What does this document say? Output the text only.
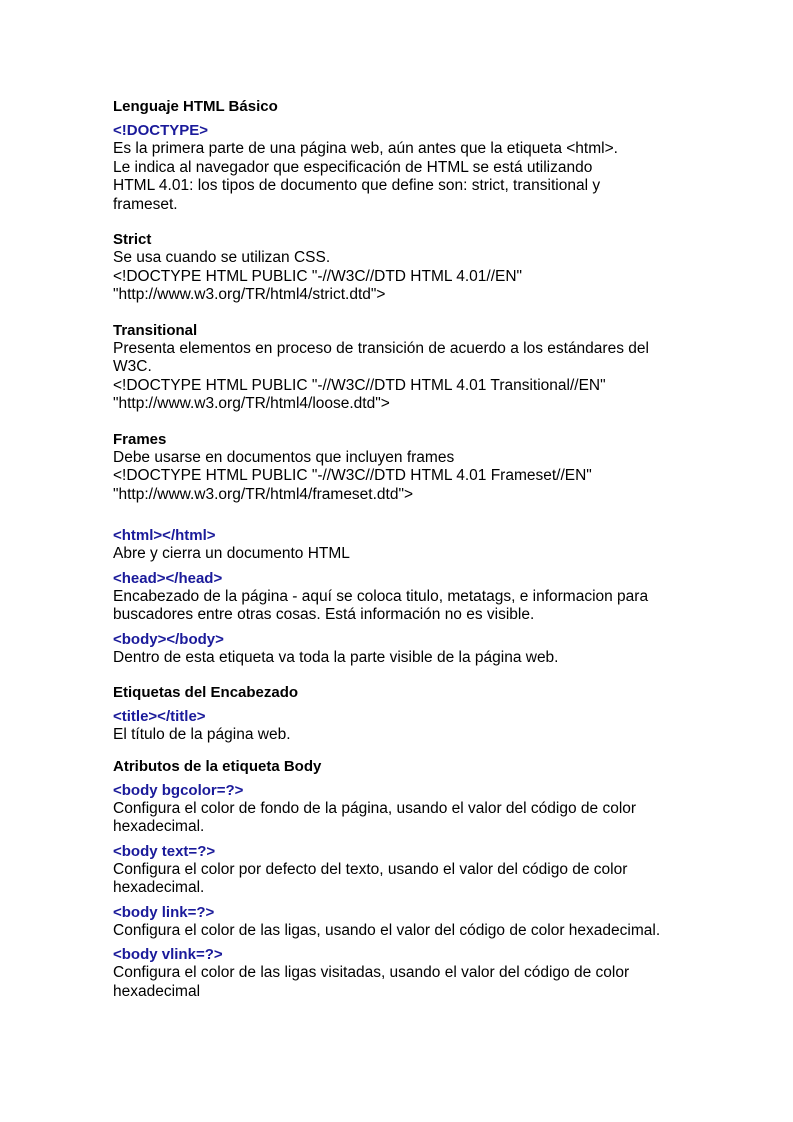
Lenguaje HTML Básico
<!DOCTYPE>
Es la primera parte de una página web, aún antes que la etiqueta <html>.
Le indica al navegador que especificación de HTML se está utilizando
HTML 4.01: los tipos de documento que define son: strict, transitional y
frameset.
Strict
Se usa cuando se utilizan CSS.
<!DOCTYPE HTML PUBLIC "-//W3C//DTD HTML 4.01//EN"
"http://www.w3.org/TR/html4/strict.dtd">
Transitional
Presenta elementos en proceso de transición de acuerdo a los estándares del
W3C.
<!DOCTYPE HTML PUBLIC "-//W3C//DTD HTML 4.01 Transitional//EN"
"http://www.w3.org/TR/html4/loose.dtd">
Frames
Debe usarse en documentos que incluyen frames
<!DOCTYPE HTML PUBLIC "-//W3C//DTD HTML 4.01 Frameset//EN"
"http://www.w3.org/TR/html4/frameset.dtd">
<html></html>
Abre y cierra un documento HTML
<head></head>
Encabezado de la página - aquí se coloca titulo, metatags, e informacion para
buscadores entre otras cosas. Está información no es visible.
<body></body>
Dentro de esta etiqueta va toda la parte visible de la página web.
Etiquetas del Encabezado
<title></title>
El título de la página web.
Atributos de la etiqueta Body
<body bgcolor=?>
Configura el color de fondo de la página, usando el valor del código de color
hexadecimal.
<body text=?>
Configura el color por defecto del texto, usando el valor del código de color
hexadecimal.
<body link=?>
Configura el color de las ligas, usando el valor del código de color hexadecimal.
<body vlink=?>
Configura el color de las ligas visitadas, usando el valor del código de color
hexadecimal
